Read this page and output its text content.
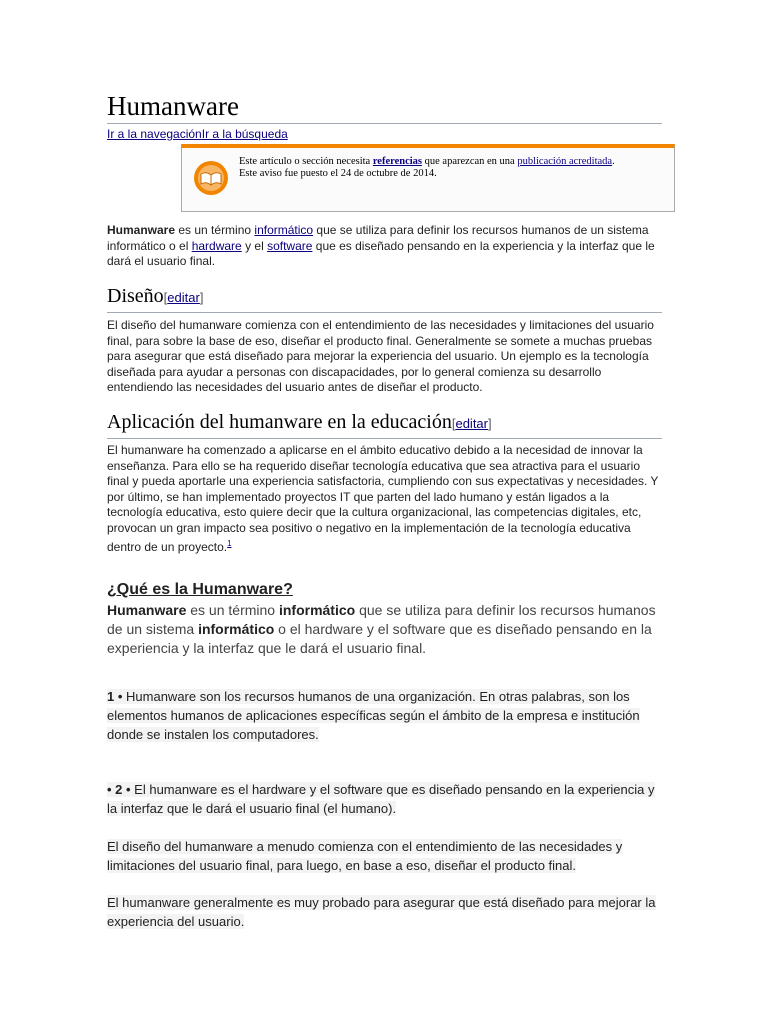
Humanware
Ir a la navegaciónIr a la búsqueda
Este artículo o sección necesita referencias que aparezcan en una publicación acreditada.
Este aviso fue puesto el 24 de octubre de 2014.

Humanware es un término informático que se utiliza para definir los recursos humanos de un sistema informático o el hardware y el software que es diseñado pensando en la experiencia y la interfaz que le dará el usuario final.

Diseño[editar]

El diseño del humanware comienza con el entendimiento de las necesidades y limitaciones del usuario final, para sobre la base de eso, diseñar el producto final. Generalmente se somete a muchas pruebas para asegurar que está diseñado para mejorar la experiencia del usuario. Un ejemplo es la tecnología diseñada para ayudar a personas con discapacidades, por lo general comienza su desarrollo entendiendo las necesidades del usuario antes de diseñar el producto.

Aplicación del humanware en la educación[editar]

El humanware ha comenzado a aplicarse en el ámbito educativo debido a la necesidad de innovar la enseñanza. Para ello se ha requerido diseñar tecnología educativa que sea atractiva para el usuario final y pueda aportarle una experiencia satisfactoria, cumpliendo con sus expectativas y necesidades. Y por último, se han implementado proyectos IT que parten del lado humano y están ligados a la tecnología educativa, esto quiere decir que la cultura organizacional, las competencias digitales, etc, provocan un gran impacto sea positivo o negativo en la implementación de la tecnología educativa dentro de un proyecto.$^1$

¿Qué es la Humanware?

Humanware es un término informático que se utiliza para definir los recursos humanos de un sistema informático o el hardware y el software que es diseñado pensando en la experiencia y la interfaz que le dará el usuario final.

1 • Humanware son los recursos humanos de una organización. En otras palabras, son los elementos humanos de aplicaciones específicas según el ámbito de la empresa e institución donde se instalen los computadores.

• 2 • El humanware es el hardware y el software que es diseñado pensando en la experiencia y la interfaz que le dará el usuario final (el humano).

El diseño del humanware a menudo comienza con el entendimiento de las necesidades y limitaciones del usuario final, para luego, en base a eso, diseñar el producto final.

El humanware generalmente es muy probado para asegurar que está diseñado para mejorar la experiencia del usuario.
